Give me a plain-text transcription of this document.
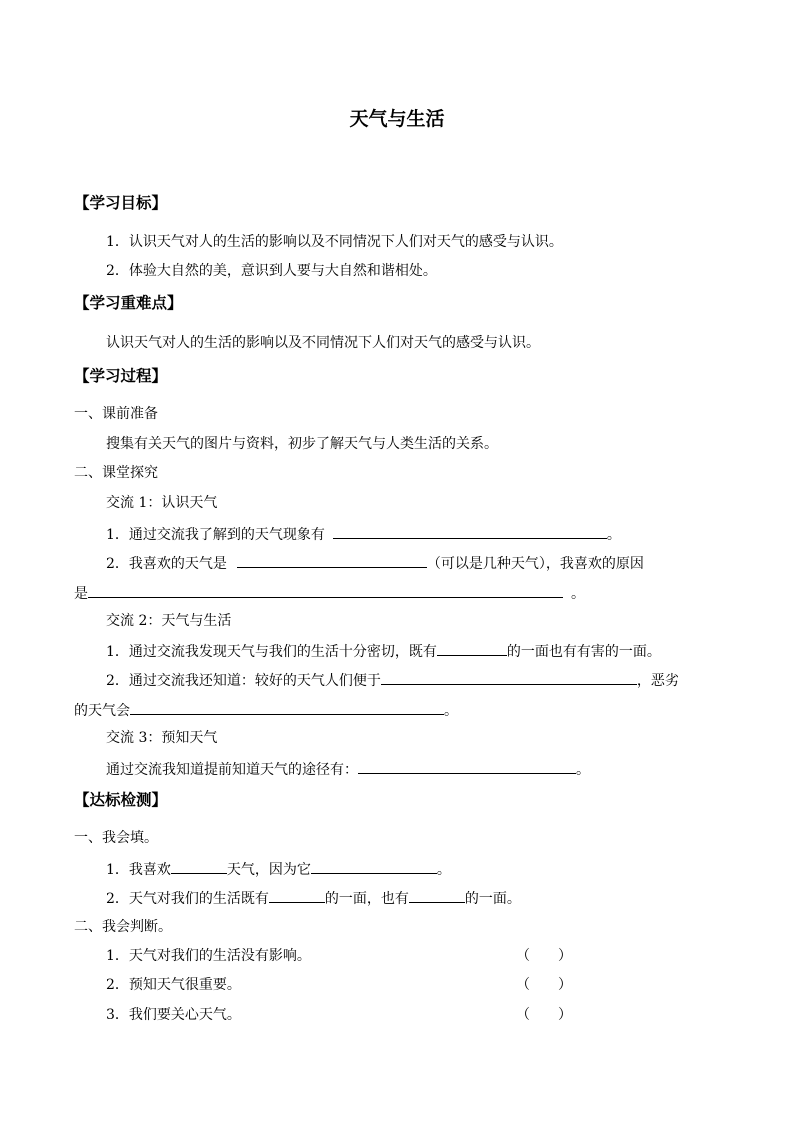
天气与生活
【学习目标】
1．认识天气对人的生活的影响以及不同情况下人们对天气的感受与认识。
2．体验大自然的美，意识到人要与大自然和谐相处。
【学习重难点】
认识天气对人的生活的影响以及不同情况下人们对天气的感受与认识。
【学习过程】
一、课前准备
搜集有关天气的图片与资料，初步了解天气与人类生活的关系。
二、课堂探究
交流 1：认识天气
1．通过交流我了解到的天气现象有	。
2．我喜欢的天气是	（可以是几种天气），我喜欢的原因
是	。
交流 2：天气与生活
1．通过交流我发现天气与我们的生活十分密切，既有	的一面也有有害的一面。
2．通过交流我还知道：较好的天气人们便于	，恶劣
的天气会	。
交流 3：预知天气
通过交流我知道提前知道天气的途径有：	。
【达标检测】
一、我会填。
1．我喜欢	天气，因为它	。
2．天气对我们的生活既有	的一面，也有	的一面。
二、我会判断。
1．天气对我们的生活没有影响。	（　　）
2．预知天气很重要。	（　　）
3．我们要关心天气。	（　　）
